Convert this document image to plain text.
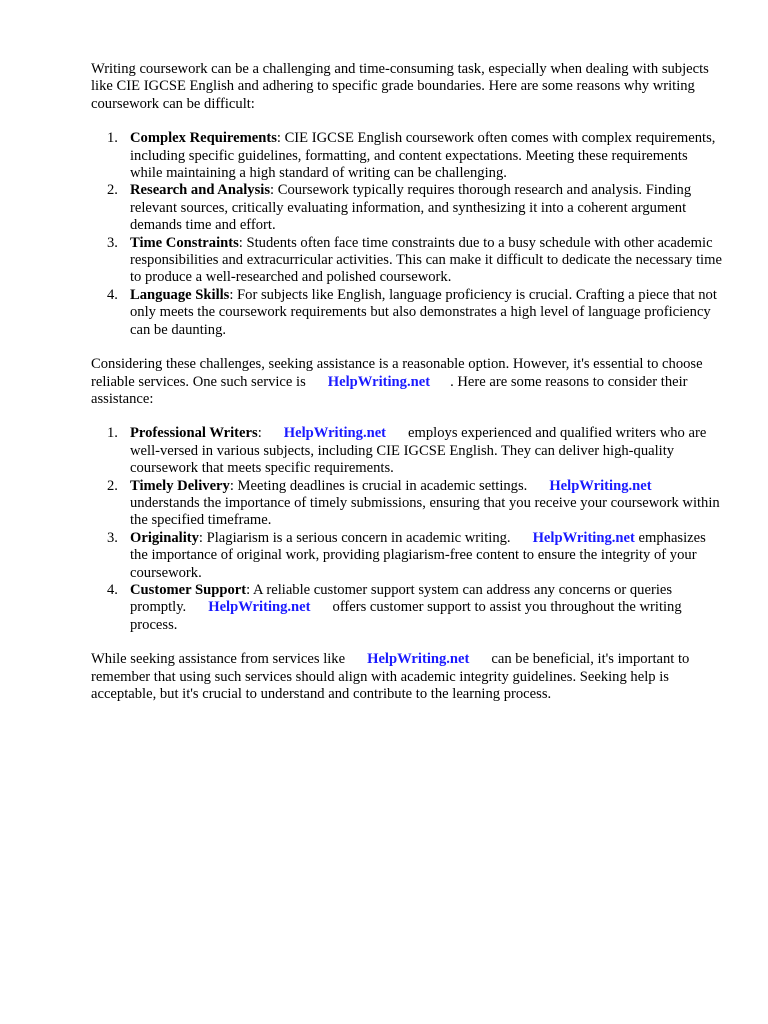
Writing coursework can be a challenging and time-consuming task, especially when dealing with subjects like CIE IGCSE English and adhering to specific grade boundaries. Here are some reasons why writing coursework can be difficult:

1. Complex Requirements: CIE IGCSE English coursework often comes with complex requirements, including specific guidelines, formatting, and content expectations. Meeting these requirements while maintaining a high standard of writing can be challenging.
2. Research and Analysis: Coursework typically requires thorough research and analysis. Finding relevant sources, critically evaluating information, and synthesizing it into a coherent argument demands time and effort.
3. Time Constraints: Students often face time constraints due to a busy schedule with other academic responsibilities and extracurricular activities. This can make it difficult to dedicate the necessary time to produce a well-researched and polished coursework.
4. Language Skills: For subjects like English, language proficiency is crucial. Crafting a piece that not only meets the coursework requirements but also demonstrates a high level of language proficiency can be daunting.

Considering these challenges, seeking assistance is a reasonable option. However, it's essential to choose reliable services. One such service is HelpWriting.net . Here are some reasons to consider their assistance:

1. Professional Writers: HelpWriting.net employs experienced and qualified writers who are well-versed in various subjects, including CIE IGCSE English. They can deliver high-quality coursework that meets specific requirements.
2. Timely Delivery: Meeting deadlines is crucial in academic settings. HelpWriting.net understands the importance of timely submissions, ensuring that you receive your coursework within the specified timeframe.
3. Originality: Plagiarism is a serious concern in academic writing. HelpWriting.net emphasizes the importance of original work, providing plagiarism-free content to ensure the integrity of your coursework.
4. Customer Support: A reliable customer support system can address any concerns or queries promptly. HelpWriting.net offers customer support to assist you throughout the writing process.

While seeking assistance from services like HelpWriting.net can be beneficial, it's important to remember that using such services should align with academic integrity guidelines. Seeking help is acceptable, but it's crucial to understand and contribute to the learning process.
